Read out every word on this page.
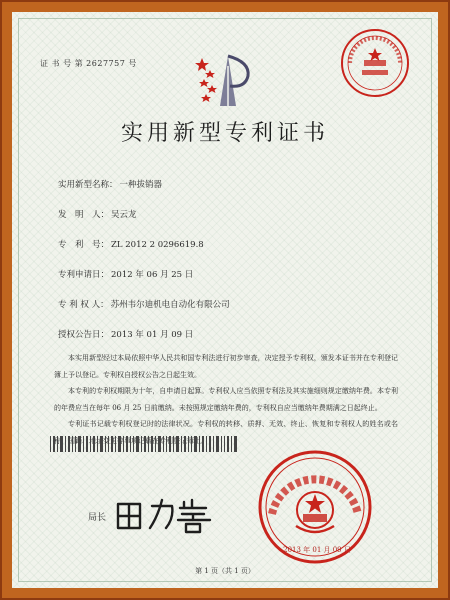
证 书 号 第 2627757 号
实用新型专利证书
实用新型名称： 一种拔销器
发　明　人： 吴云龙
专　利　号： ZL 2012 2 0296619.8
专利申请日： 2012 年 06 月 25 日
专 利 权 人： 苏州韦尔迪机电自动化有限公司
授权公告日： 2013 年 01 月 09 日

本实用新型经过本局依照中华人民共和国专利法进行初步审查，决定授予专利权，颁发本证书并在专利登记簿上予以登记。专利权自授权公告之日起生效。

本专利的专利权期限为十年，自申请日起算。专利权人应当依照专利法及其实施细则规定缴纳年费。本专利的年费应当在每年 06 月 25 日前缴纳。未按照规定缴纳年费的，专利权自应当缴纳年费期满之日起终止。

专利证书记载专利权登记时的法律状况。专利权的转移、质押、无效、终止、恢复和专利权人的姓名或名称、国籍、地址变更等事项记 专利登记簿上。

局长
2013 年 01 月 09 日
第 1 页（共 1 页）
